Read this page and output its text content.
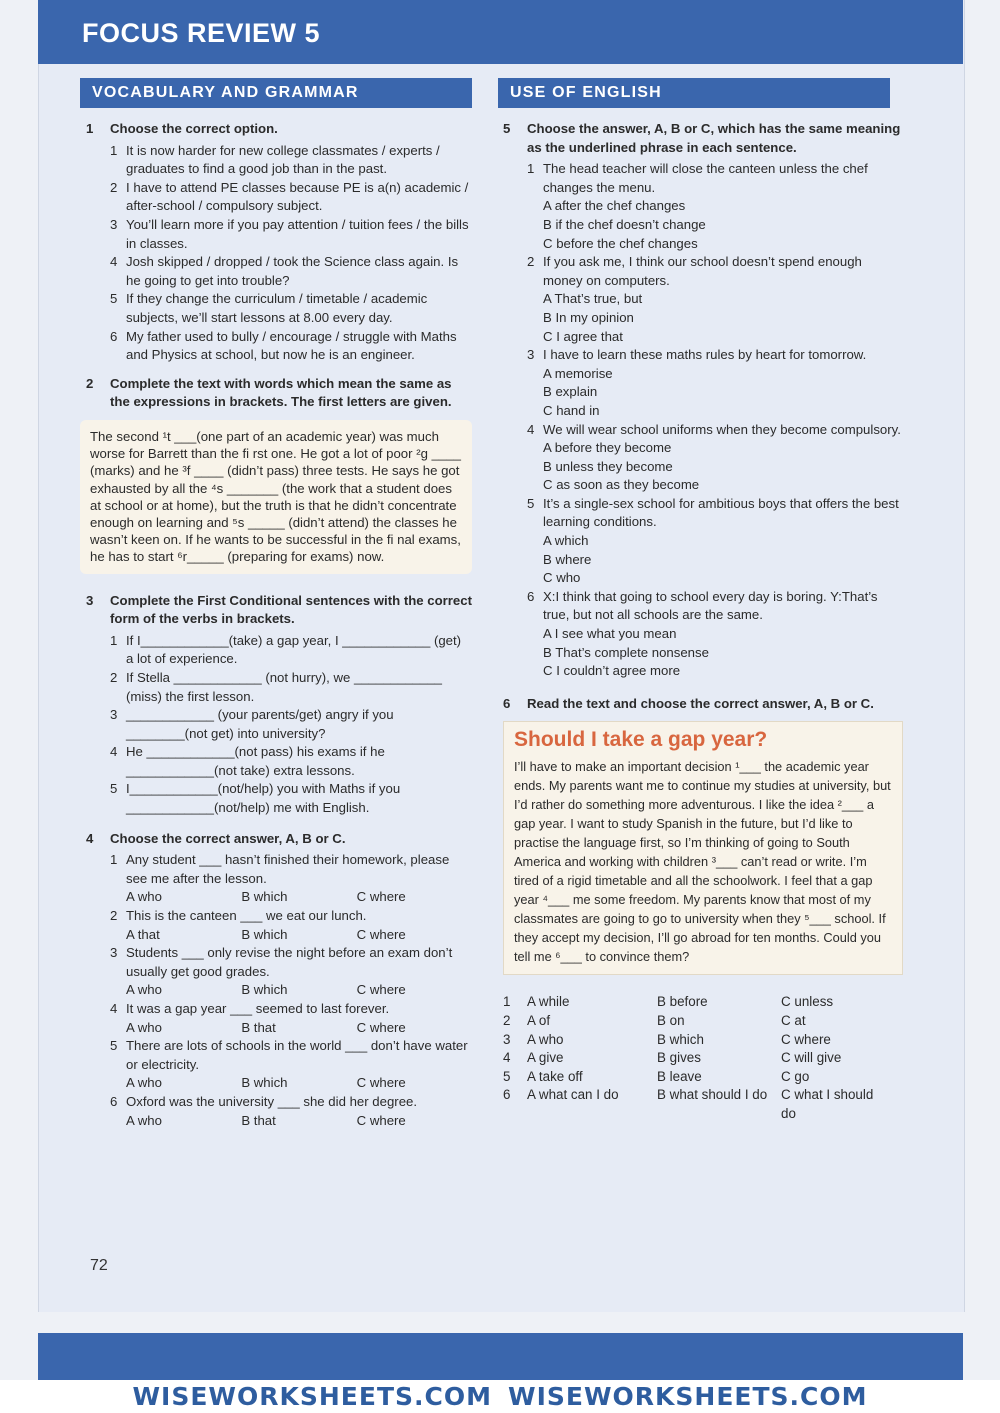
FOCUS REVIEW 5
VOCABULARY AND GRAMMAR	USE OF ENGLISH
1	Choose the correct option.
1 It is now harder for new college classmates / experts / graduates to find a good job than in the past.
2 I have to attend PE classes because PE is a(n) academic / after-school / compulsory subject.
3 You’ll learn more if you pay attention / tuition fees / the bills in classes.
4 Josh skipped / dropped / took the Science class again. Is he going to get into trouble?
5 If they change the curriculum / timetable / academic subjects, we’ll start lessons at 8.00 every day.
6 My father used to bully / encourage / struggle with Maths and Physics at school, but now he is an engineer.
2	Complete the text with words which mean the same as the expressions in brackets. The first letters are given.
The second ¹t ___(one part of an academic year) was much worse for Barrett than the fi rst one. He got a lot of poor ²g ____ (marks) and he ³f ____ (didn’t pass) three tests. He says he got exhausted by all the ⁴s _______ (the work that a student does at school or at home), but the truth is that he didn’t concentrate enough on learning and ⁵s _____ (didn’t attend) the classes he wasn’t keen on. If he wants to be successful in the fi nal exams, he has to start ⁶r_____ (preparing for exams) now.
3	Complete the First Conditional sentences with the correct form of the verbs in brackets.
1 If I____________(take) a gap year, I ____________ (get) a lot of experience.
2 If Stella ____________ (not hurry), we ____________ (miss) the first lesson.
3 ____________ (your parents/get) angry if you ________(not get) into university?
4 He ____________(not pass) his exams if he ____________(not take) extra lessons.
5 I____________(not/help) you with Maths if you ____________(not/help) me with English.
4	Choose the correct answer, A, B or C.
1 Any student ___ hasn’t finished their homework, please see me after the lesson.
A who	B which	C where
2 This is the canteen ___ we eat our lunch.
A that	B which	C where
3 Students ___ only revise the night before an exam don’t usually get good grades.
A who	B which	C where
4 It was a gap year ___ seemed to last forever.
A who	B that	C where
5 There are lots of schools in the world ___ don’t have water or electricity.
A who	B which	C where
6 Oxford was the university ___ she did her degree.
A who	B that	C where
5	Choose the answer, A, B or C, which has the same meaning as the underlined phrase in each sentence.
1 The head teacher will close the canteen unless the chef changes the menu.
A after the chef changes
B if the chef doesn’t change
C before the chef changes
2 If you ask me, I think our school doesn’t spend enough money on computers.
A That’s true, but
B In my opinion
C I agree that
3 I have to learn these maths rules by heart for tomorrow.
A memorise
B explain
C hand in
4 We will wear school uniforms when they become compulsory.
A before they become
B unless they become
C as soon as they become
5 It’s a single-sex school for ambitious boys that offers the best learning conditions.
A which
B where
C who
6 X:I think that going to school every day is boring. Y:That’s true, but not all schools are the same.
A I see what you mean
B That’s complete nonsense
C I couldn’t agree more
6	Read the text and choose the correct answer, A, B or C.
Should I take a gap year?
I’ll have to make an important decision ¹___ the academic year ends. My parents want me to continue my studies at university, but I’d rather do something more adventurous. I like the idea ²___ a gap year. I want to study Spanish in the future, but I’d like to practise the language first, so I’m thinking of going to South America and working with children ³___ can’t read or write. I’m tired of a rigid timetable and all the schoolwork. I feel that a gap year ⁴___ me some freedom. My parents know that most of my classmates are going to go to university when they ⁵___ school. If they accept my decision, I’ll go abroad for ten months. Could you tell me ⁶___ to convince them?
1	A while	B before	C unless
2	A of	B on	C at
3	A who	B which	C where
4	A give	B gives	C will give
5	A take off	B leave	C go
6	A what can I do	B what should I do	C what I should do
72
WISEWORKSHEETS.COM WISEWORKSHEETS.COM
